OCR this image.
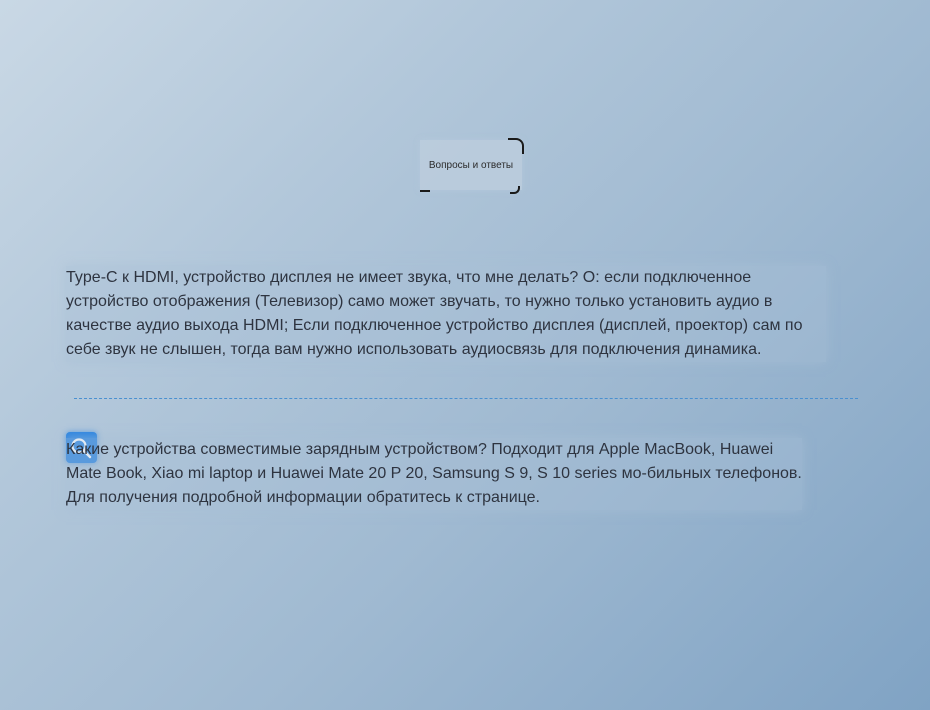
Вопросы и ответы
Type-C к HDMI, устройство дисплея не имеет звука, что мне делать? О: если подключенное устройство отображения (Телевизор) само может звучать, то нужно только установить аудио в качестве аудио выхода HDMI; Если подключенное устройство дисплея (дисплей, проектор) сам по себе звук не слышен, тогда вам нужно использовать аудиосвязь для подключения динамика.
Какие устройства совместимые зарядным устройством? Подходит для Apple MacBook, Huawei Mate Book, Xiao mi laptop и Huawei Mate 20 P 20, Samsung S 9, S 10 series мо-бильных телефонов. Для получения подробной информации обратитесь к странице.
